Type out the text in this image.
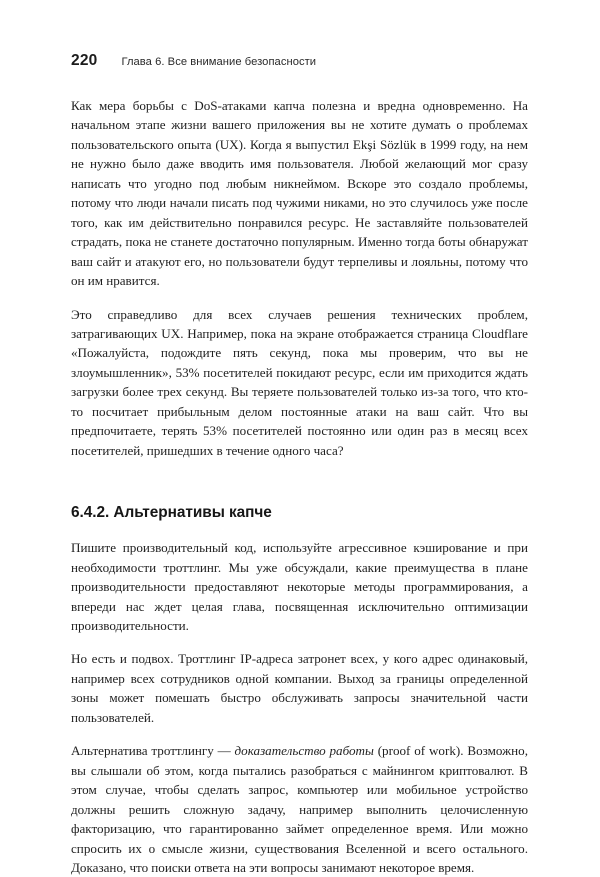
220 Глава 6. Все внимание безопасности

Как мера борьбы с DoS-атаками капча полезна и вредна одновременно. На начальном этапе жизни вашего приложения вы не хотите думать о проблемах пользовательского опыта (UX). Когда я выпустил Ekşi Sözlük в 1999 году, на нем не нужно было даже вводить имя пользователя. Любой желающий мог сразу написать что угодно под любым никнеймом. Вскоре это создало проблемы, потому что люди начали писать под чужими никами, но это случилось уже после того, как им действительно понравился ресурс. Не заставляйте пользователей страдать, пока не станете достаточно популярным. Именно тогда боты обнаружат ваш сайт и атакуют его, но пользователи будут терпеливы и лояльны, потому что он им нравится.

Это справедливо для всех случаев решения технических проблем, затрагивающих UX. Например, пока на экране отображается страница Cloudflare «Пожалуйста, подождите пять секунд, пока мы проверим, что вы не злоумышленник», 53% посетителей покидают ресурс, если им приходится ждать загрузки более трех секунд. Вы теряете пользователей только из-за того, что кто-то посчитает прибыльным делом постоянные атаки на ваш сайт. Что вы предпочитаете, терять 53% посетителей постоянно или один раз в месяц всех посетителей, пришедших в течение одного часа?

6.4.2. Альтернативы капче

Пишите производительный код, используйте агрессивное кэширование и при необходимости троттлинг. Мы уже обсуждали, какие преимущества в плане производительности предоставляют некоторые методы программирования, а впереди нас ждет целая глава, посвященная исключительно оптимизации производительности.

Но есть и подвох. Троттлинг IP-адреса затронет всех, у кого адрес одинаковый, например всех сотрудников одной компании. Выход за границы определенной зоны может помешать быстро обслуживать запросы значительной части пользователей.

Альтернатива троттлингу — доказательство работы (proof of work). Возможно, вы слышали об этом, когда пытались разобраться с майнингом криптовалют. В этом случае, чтобы сделать запрос, компьютер или мобильное устройство должны решить сложную задачу, например выполнить целочисленную факторизацию, что гарантированно займет определенное время. Или можно спросить их о смысле жизни, существования Вселенной и всего остального. Доказано, что поиски ответа на эти вопросы занимают некоторое время.
